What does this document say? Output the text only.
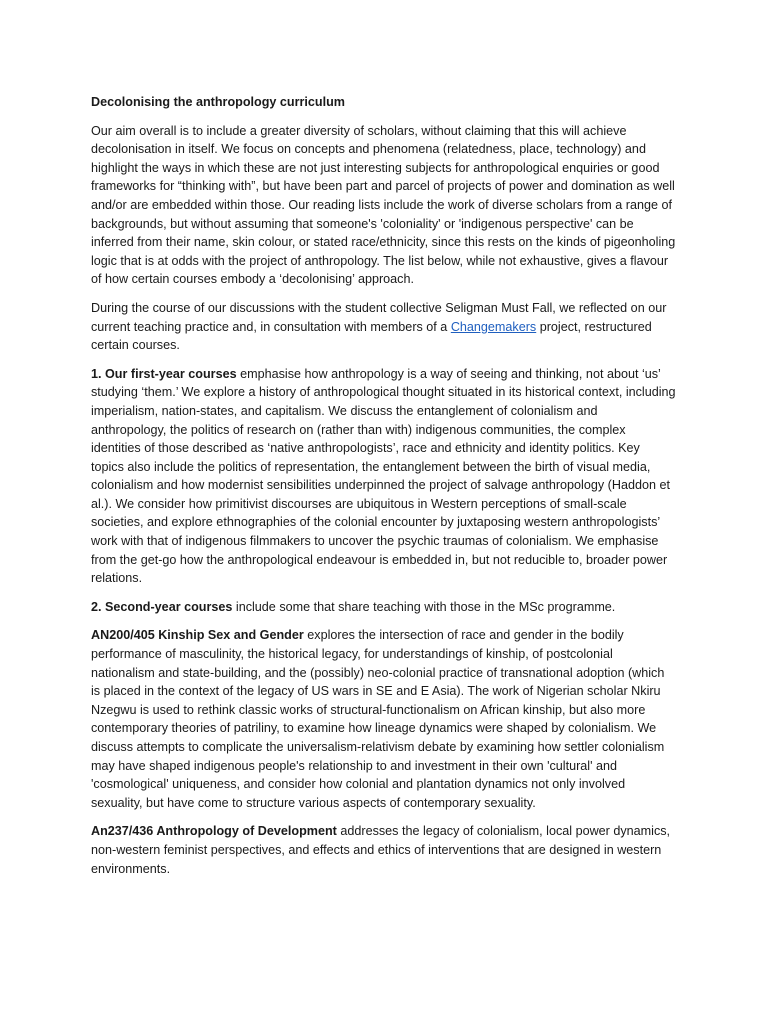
Decolonising the anthropology curriculum

Our aim overall is to include a greater diversity of scholars, without claiming that this will achieve decolonisation in itself. We focus on concepts and phenomena (relatedness, place, technology) and highlight the ways in which these are not just interesting subjects for anthropological enquiries or good frameworks for “thinking with”, but have been part and parcel of projects of power and domination as well and/or are embedded within those. Our reading lists include the work of diverse scholars from a range of backgrounds, but without assuming that someone's 'coloniality' or 'indigenous perspective' can be inferred from their name, skin colour, or stated race/ethnicity, since this rests on the kinds of pigeonholing logic that is at odds with the project of anthropology. The list below, while not exhaustive, gives a flavour of how certain courses embody a ‘decolonising’ approach.

During the course of our discussions with the student collective Seligman Must Fall, we reflected on our current teaching practice and, in consultation with members of a Changemakers project, restructured certain courses.

1. Our first-year courses emphasise how anthropology is a way of seeing and thinking, not about ‘us’ studying ‘them.’ We explore a history of anthropological thought situated in its historical context, including imperialism, nation-states, and capitalism. We discuss the entanglement of colonialism and anthropology, the politics of research on (rather than with) indigenous communities, the complex identities of those described as ‘native anthropologists’, race and ethnicity and identity politics. Key topics also include the politics of representation, the entanglement between the birth of visual media, colonialism and how modernist sensibilities underpinned the project of salvage anthropology (Haddon et al.). We consider how primitivist discourses are ubiquitous in Western perceptions of small-scale societies, and explore ethnographies of the colonial encounter by juxtaposing western anthropologists’ work with that of indigenous filmmakers to uncover the psychic traumas of colonialism. We emphasise from the get-go how the anthropological endeavour is embedded in, but not reducible to, broader power relations.

2. Second-year courses include some that share teaching with those in the MSc programme.

AN200/405 Kinship Sex and Gender explores the intersection of race and gender in the bodily performance of masculinity, the historical legacy, for understandings of kinship, of postcolonial nationalism and state-building, and the (possibly) neo-colonial practice of transnational adoption (which is placed in the context of the legacy of US wars in SE and E Asia). The work of Nigerian scholar Nkiru Nzegwu is used to rethink classic works of structural-functionalism on African kinship, but also more contemporary theories of patriliny, to examine how lineage dynamics were shaped by colonialism. We discuss attempts to complicate the universalism-relativism debate by examining how settler colonialism may have shaped indigenous people's relationship to and investment in their own 'cultural' and 'cosmological' uniqueness, and consider how colonial and plantation dynamics not only involved sexuality, but have come to structure various aspects of contemporary sexuality.

An237/436 Anthropology of Development addresses the legacy of colonialism, local power dynamics, non-western feminist perspectives, and effects and ethics of interventions that are designed in western environments.
